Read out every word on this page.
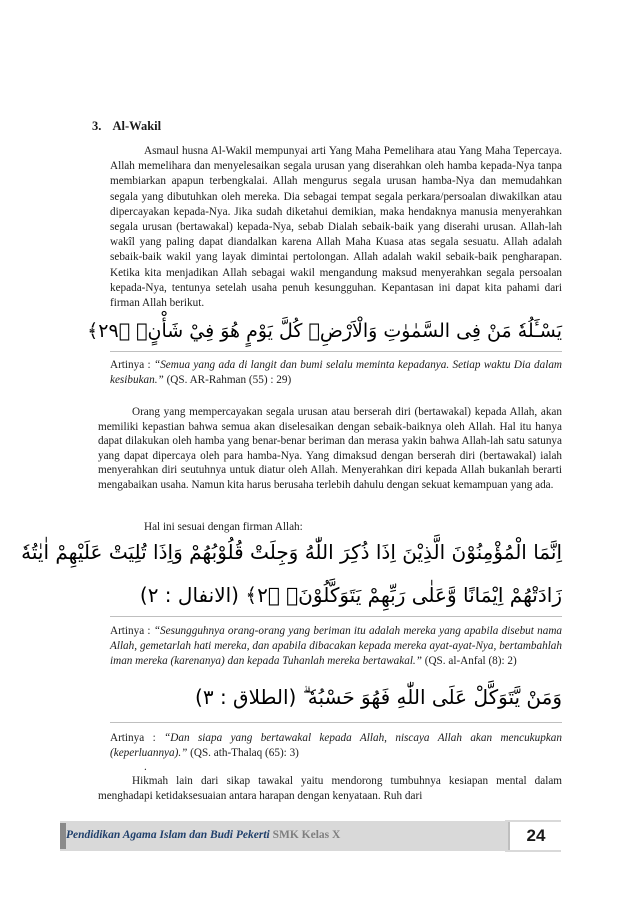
3. Al-Wakil
Asmaul husna Al-Wakil mempunyai arti Yang Maha Pemelihara atau Yang Maha Tepercaya. Allah memelihara dan menyelesaikan segala urusan yang diserahkan oleh hamba kepada-Nya tanpa membiarkan apapun terbengkalai. Allah mengurus segala urusan hamba-Nya dan memudahkan segala yang dibutuhkan oleh mereka. Dia sebagai tempat segala perkara/persoalan diwakilkan atau dipercayakan kepada-Nya. Jika sudah diketahui demikian, maka hendaknya manusia menyerahkan segala urusan (bertawakal) kepada-Nya, sebab Dialah sebaik-baik yang diserahi urusan. Allah-lah wakîl yang paling dapat diandalkan karena Allah Maha Kuasa atas segala sesuatu. Allah adalah sebaik-baik wakil yang layak dimintai pertolongan. Allah adalah wakil sebaik-baik pengharapan. Ketika kita menjadikan Allah sebagai wakil mengandung maksud menyerahkan segala persoalan kepada-Nya, tentunya setelah usaha penuh kesungguhan. Kepantasan ini dapat kita pahami dari firman Allah berikut.
يَسْـَٔلُهٗ مَنْ فِى السَّمٰوٰتِ وَالْاَرْضِۗ كُلَّ يَوْمٍ هُوَ فِيْ شَأْنٍۚ ﴿٢٩﴾
Artinya : “Semua yang ada di langit dan bumi selalu meminta kepadanya. Setiap waktu Dia dalam kesibukan.” (QS. AR-Rahman (55) : 29)
Orang yang mempercayakan segala urusan atau berserah diri (bertawakal) kepada Allah, akan memiliki kepastian bahwa semua akan diselesaikan dengan sebaik-baiknya oleh Allah. Hal itu hanya dapat dilakukan oleh hamba yang benar-benar beriman dan merasa yakin bahwa Allah-lah satu satunya yang dapat dipercaya oleh para hamba-Nya. Yang dimaksud dengan berserah diri (bertawakal) ialah menyerahkan diri seutuhnya untuk diatur oleh Allah. Menyerahkan diri kepada Allah bukanlah berarti mengabaikan usaha. Namun kita harus berusaha terlebih dahulu dengan sekuat kemampuan yang ada.
Hal ini sesuai dengan firman Allah:
اِنَّمَا الْمُؤْمِنُوْنَ الَّذِيْنَ اِذَا ذُكِرَ اللّٰهُ وَجِلَتْ قُلُوْبُهُمْ وَاِذَا تُلِيَتْ عَلَيْهِمْ اٰيٰتُهٗ
زَادَتْهُمْ اِيْمَانًا وَّعَلٰى رَبِّهِمْ يَتَوَكَّلُوْنَۙ ﴿٢﴾ (الانفال : ٢)
Artinya : “Sesungguhnya orang-orang yang beriman itu adalah mereka yang apabila disebut nama Allah, gemetarlah hati mereka, dan apabila dibacakan kepada mereka ayat-ayat-Nya, bertambahlah iman mereka (karenanya) dan kepada Tuhanlah mereka bertawakal.” (QS. al-Anfal (8): 2)
وَمَنْ يَّتَوَكَّلْ عَلَى اللّٰهِ فَهُوَ حَسْبُهٗ ۗ (الطلاق : ٣)
Artinya : “Dan siapa yang bertawakal kepada Allah, niscaya Allah akan mencukupkan (keperluannya).” (QS. ath-Thalaq (65): 3)
.
Hikmah lain dari sikap tawakal yaitu mendorong tumbuhnya kesiapan mental dalam menghadapi ketidaksesuaian antara harapan dengan kenyataan. Ruh dari
Pendidikan Agama Islam dan Budi Pekerti SMK Kelas X	24
